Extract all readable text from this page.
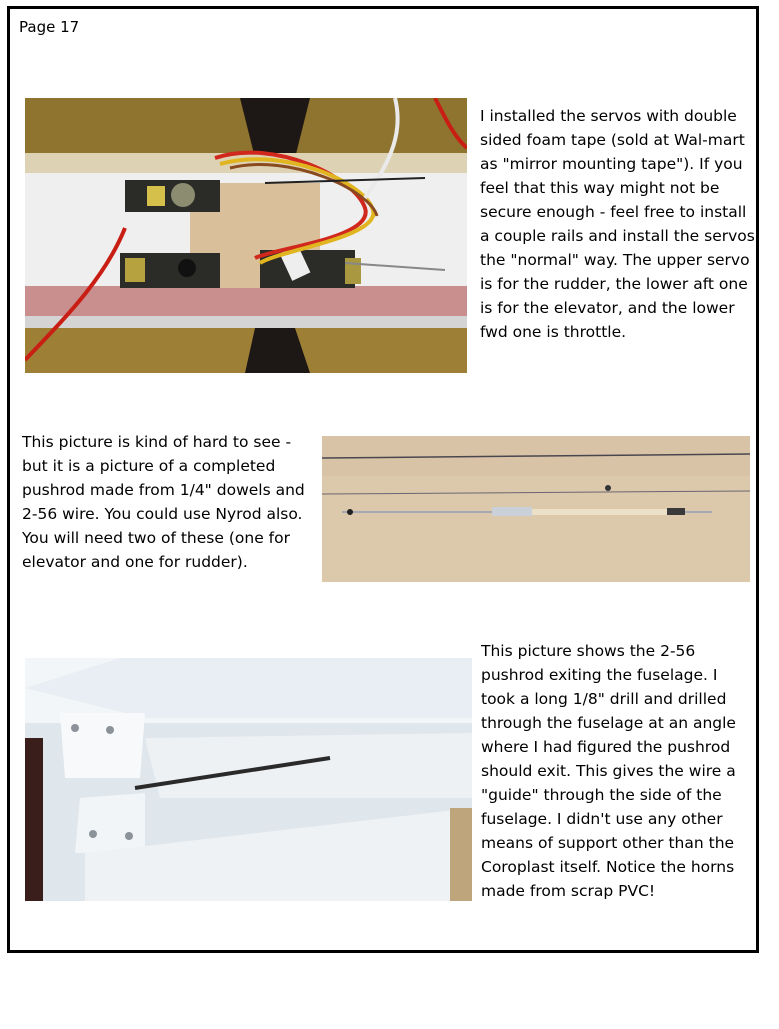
Page 17
I installed the servos with double sided foam tape (sold at Wal-mart as "mirror mounting tape"). If you feel that this way might not be secure enough - feel free to install a couple rails and install the servos the "normal" way. The upper servo is for the rudder, the lower aft one is for the elevator, and the lower fwd one is throttle.
This picture is kind of hard to see - but it is a picture of a completed pushrod made from 1/4" dowels and 2-56 wire. You could use Nyrod also. You will need two of these (one for elevator and one for rudder).
This picture shows the 2-56 pushrod exiting the fuselage. I took a long 1/8" drill and drilled through the fuselage at an angle where I had figured the pushrod should exit. This gives the wire a "guide" through the side of the fuselage. I didn't use any other means of support other than the Coroplast itself. Notice the horns made from scrap PVC!
